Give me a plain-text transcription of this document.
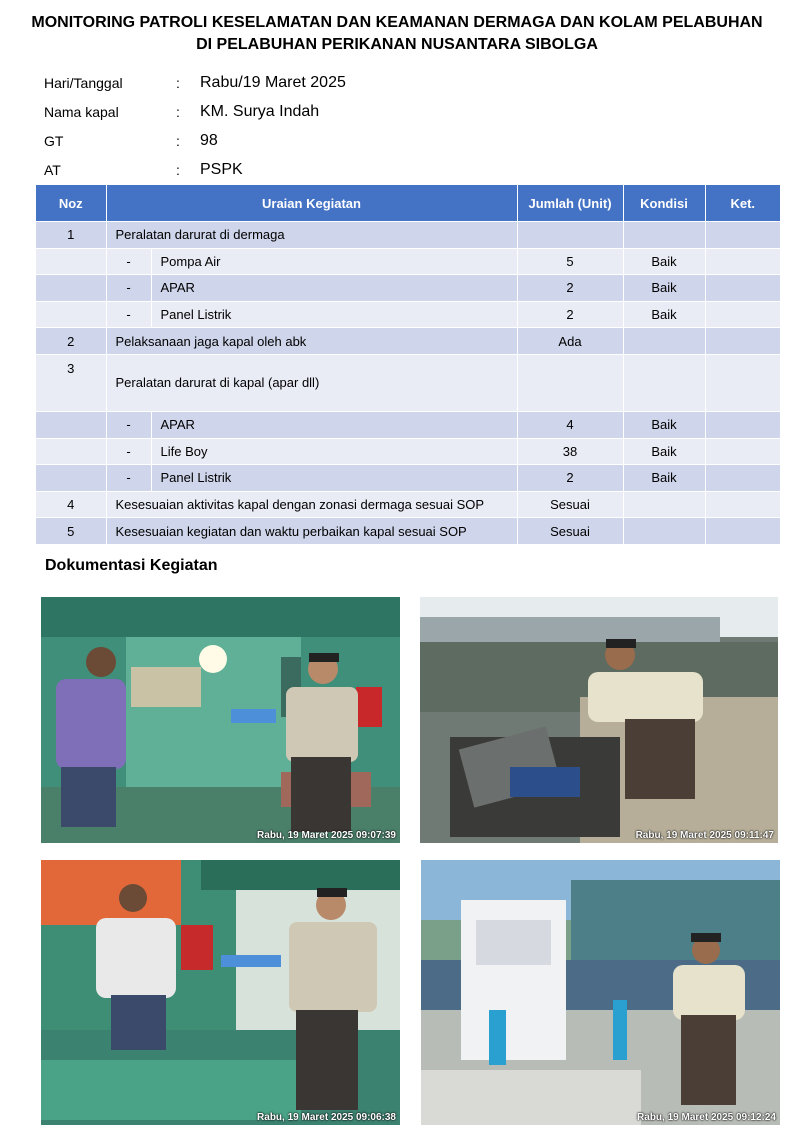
MONITORING PATROLI KESELAMATAN DAN KEAMANAN DERMAGA DAN KOLAM PELABUHAN
DI PELABUHAN PERIKANAN NUSANTARA SIBOLGA
Hari/Tanggal	:	Rabu/19 Maret 2025
Nama kapal	:	KM. Surya Indah
GT	:	98
AT	:	PSPK
Noz	Uraian Kegiatan		Jumlah (Unit)	Kondisi	Ket.
1	Peralatan darurat di dermaga				
	-	Pompa Air	5	Baik	
	-	APAR	2	Baik	
	-	Panel Listrik	2	Baik	
2	Pelaksanaan jaga kapal oleh abk		Ada		
3	Peralatan darurat di kapal (apar dll)				
	-	APAR	4	Baik	
	-	Life Boy	38	Baik	
	-	Panel Listrik	2	Baik	
4	Kesesuaian aktivitas kapal dengan zonasi dermaga sesuai SOP		Sesuai		
5	Kesesuaian kegiatan dan waktu perbaikan kapal sesuai SOP		Sesuai		
Dokumentasi Kegiatan
Rabu, 19 Maret 2025 09:07:39	Rabu, 19 Maret 2025 09:11:47
Rabu, 19 Maret 2025 09:06:38	Rabu, 19 Maret 2025 09:12:24
